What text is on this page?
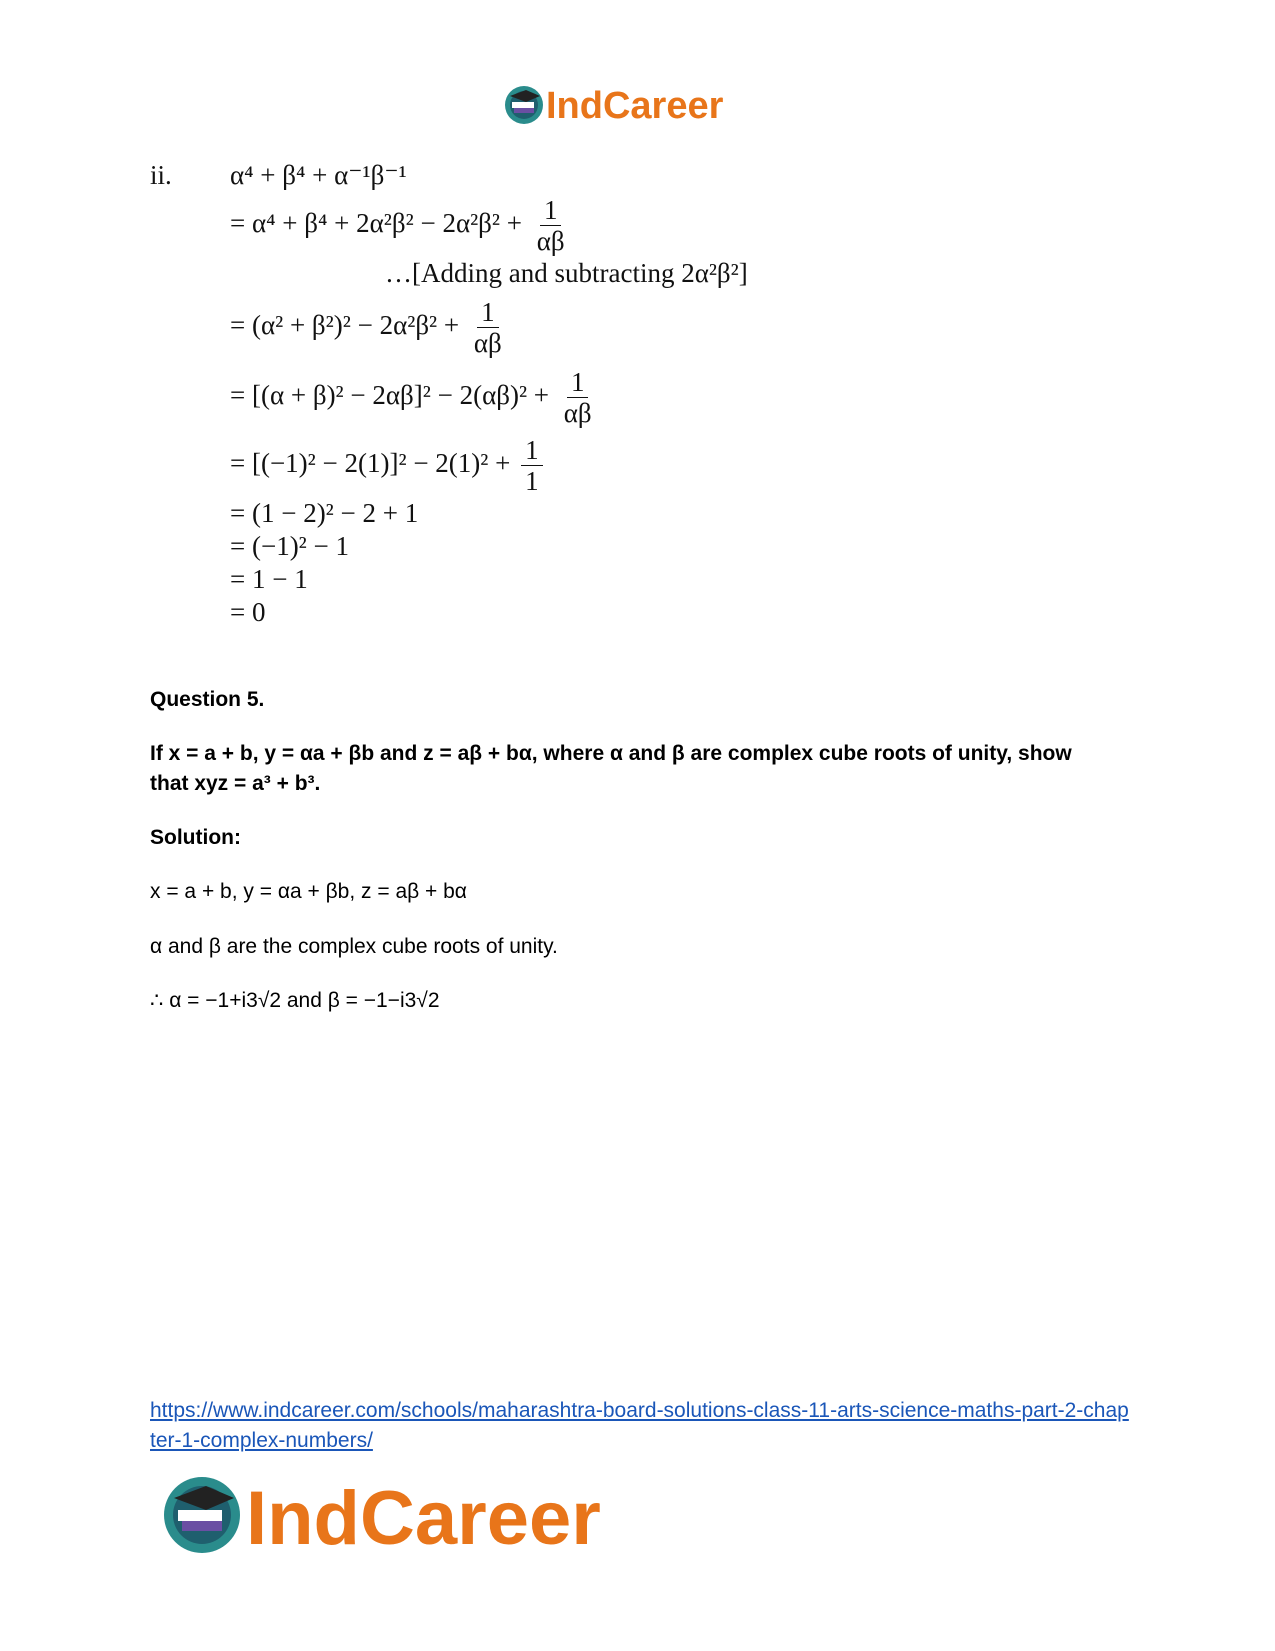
IndCareer
ii. α⁴ + β⁴ + α⁻¹β⁻¹
= $\alpha^4 + \beta^4 + 2\alpha^2\beta^2 - 2\alpha^2\beta^2 + \frac{1}{\alpha\beta}$
…[Adding and subtracting 2α²β²]
= $(\alpha^2 + \beta^2)^2 - 2\alpha^2\beta^2 + \frac{1}{\alpha\beta}$
= $[(\alpha + \beta)^2 - 2\alpha\beta]^2 - 2(\alpha\beta)^2 + \frac{1}{\alpha\beta}$
= $[(-1)^2 - 2(1)]^2 - 2(1)^2 + \frac{1}{1}$
= (1 − 2)² − 2 + 1
= (−1)² − 1
= 1 − 1
= 0
Question 5.
If x = a + b, y = αa + βb and z = aβ + bα, where α and β are complex cube roots of unity, show that xyz = a³ + b³.
Solution:
x = a + b, y = αa + βb, z = aβ + bα
α and β are the complex cube roots of unity.
∴ α = −1+i3√2 and β = −1−i3√2
https://www.indcareer.com/schools/maharashtra-board-solutions-class-11-arts-science-maths-part-2-chapter-1-complex-numbers/
IndCareer
